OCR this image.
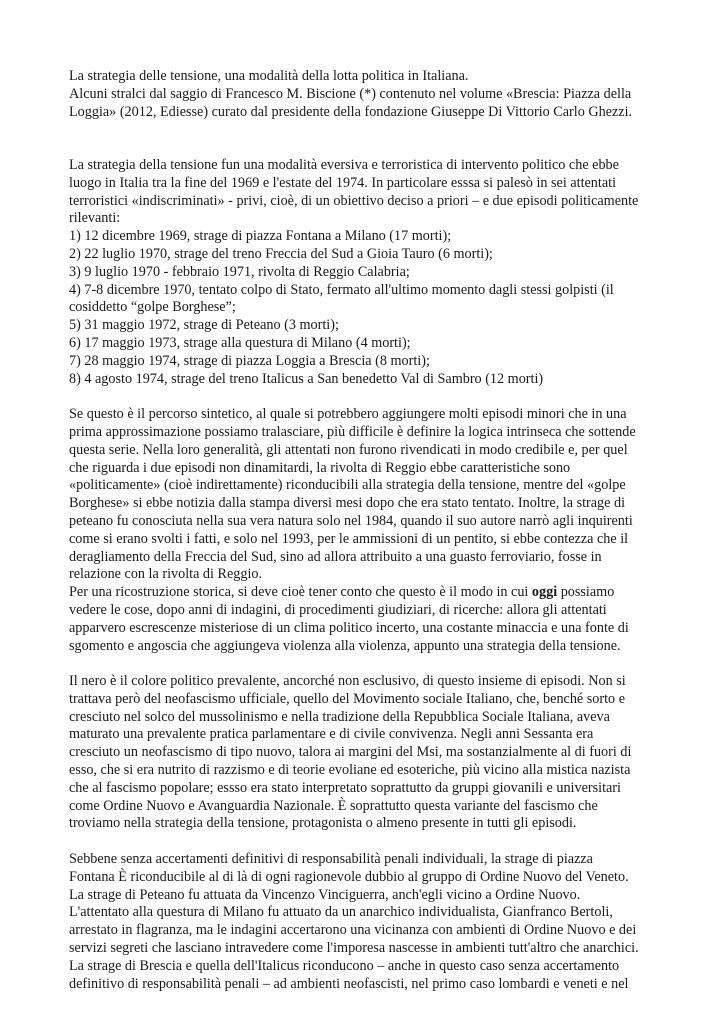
La strategia delle tensione, una modalità della lotta politica in Italiana.
Alcuni stralci dal saggio di Francesco M. Biscione (*) contenuto nel volume «Brescia: Piazza della
Loggia» (2012, Ediesse) curato dal presidente della fondazione Giuseppe Di Vittorio Carlo Ghezzi.
La strategia della tensione fun una modalità eversiva e terroristica di intervento politico che ebbe
luogo in Italia tra la fine del 1969 e l'estate del 1974. In particolare esssa si palesò in sei attentati
terroristici «indiscriminati» - privi, cioè, di un obiettivo deciso a priori – e due episodi politicamente
rilevanti:
1) 12 dicembre 1969, strage di piazza Fontana a Milano (17 morti);
2) 22 luglio 1970, strage del treno Freccia del Sud a Gioia Tauro (6 morti);
3) 9 luglio 1970 - febbraio 1971, rivolta di Reggio Calabria;
4) 7-8 dicembre 1970, tentato colpo di Stato, fermato all'ultimo momento dagli stessi golpisti (il
cosiddetto “golpe Borghese”;
5) 31 maggio 1972, strage di Peteano (3 morti);
6) 17 maggio 1973, strage alla questura di Milano (4 morti);
7) 28 maggio 1974, strage di piazza Loggia a Brescia (8 morti);
8) 4 agosto 1974, strage del treno Italicus a San benedetto Val di Sambro (12 morti)
Se questo è il percorso sintetico, al quale si potrebbero aggiungere molti episodi minori che in una
prima approssimazione possiamo tralasciare, più difficile è definire la logica intrinseca che sottende
questa serie. Nella loro generalità, gli attentati non furono rivendicati in modo credibile e, per quel
che riguarda i due episodi non dinamitardi, la rivolta di Reggio ebbe caratteristiche sono
«politicamente» (cioè indirettamente) riconducibili alla strategia della tensione, mentre del «golpe
Borghese» si ebbe notizia dalla stampa diversi mesi dopo che era stato tentato. Inoltre, la strage di
peteano fu conosciuta nella sua vera natura solo nel 1984, quando il suo autore narrò agli inquirenti
come si erano svolti i fatti, e solo nel 1993, per le ammissioni di un pentito, si ebbe contezza che il
deragliamento della Freccia del Sud, sino ad allora attribuito a una guasto ferroviario, fosse in
relazione con la rivolta di Reggio.
Per una ricostruzione storica, si deve cioè tener conto che questo è il modo in cui oggi possiamo
vedere le cose, dopo anni di indagini, di procedimenti giudiziari, di ricerche: allora gli attentati
apparvero escrescenze misteriose di un clima politico incerto, una costante minaccia e una fonte di
sgomento e angoscia che aggiungeva violenza alla violenza, appunto una strategia della tensione.
Il nero è il colore politico prevalente, ancorché non esclusivo, di questo insieme di episodi. Non si
trattava però del neofascismo ufficiale, quello del Movimento sociale Italiano, che, benché sorto e
cresciuto nel solco del mussolinismo e nella tradizione della Repubblica Sociale Italiana, aveva
maturato una prevalente pratica parlamentare e di civile convivenza. Negli anni Sessanta era
cresciuto un neofascismo di tipo nuovo, talora ai margini del Msi, ma sostanzialmente al di fuori di
esso, che si era nutrito di razzismo e di teorie evoliane ed esoteriche, più vicino alla mistica nazista
che al fascismo popolare; essso era stato interpretato soprattutto da gruppi giovanili e universitari
come Ordine Nuovo e Avanguardia Nazionale. È soprattutto questa variante del fascismo che
troviamo nella strategia della tensione, protagonista o almeno presente in tutti gli episodi.
Sebbene senza accertamenti definitivi di responsabilità penali individuali, la strage di piazza
Fontana È riconducibile al di là di ogni ragionevole dubbio al gruppo di Ordine Nuovo del Veneto.
La strage di Peteano fu attuata da Vincenzo Vinciguerra, anch'egli vicino a Ordine Nuovo.
L'attentato alla questura di Milano fu attuato da un anarchico individualista, Gianfranco Bertoli,
arrestato in flagranza, ma le indagini accertarono una vicinanza con ambienti di Ordine Nuovo e dei
servizi segreti che lasciano intravedere come l'imporesa nascesse in ambienti tutt'altro che anarchici.
La strage di Brescia e quella dell'Italicus riconducono – anche in questo caso senza accertamento
definitivo di responsabilità penali – ad ambienti neofascisti, nel primo caso lombardi e veneti e nel
